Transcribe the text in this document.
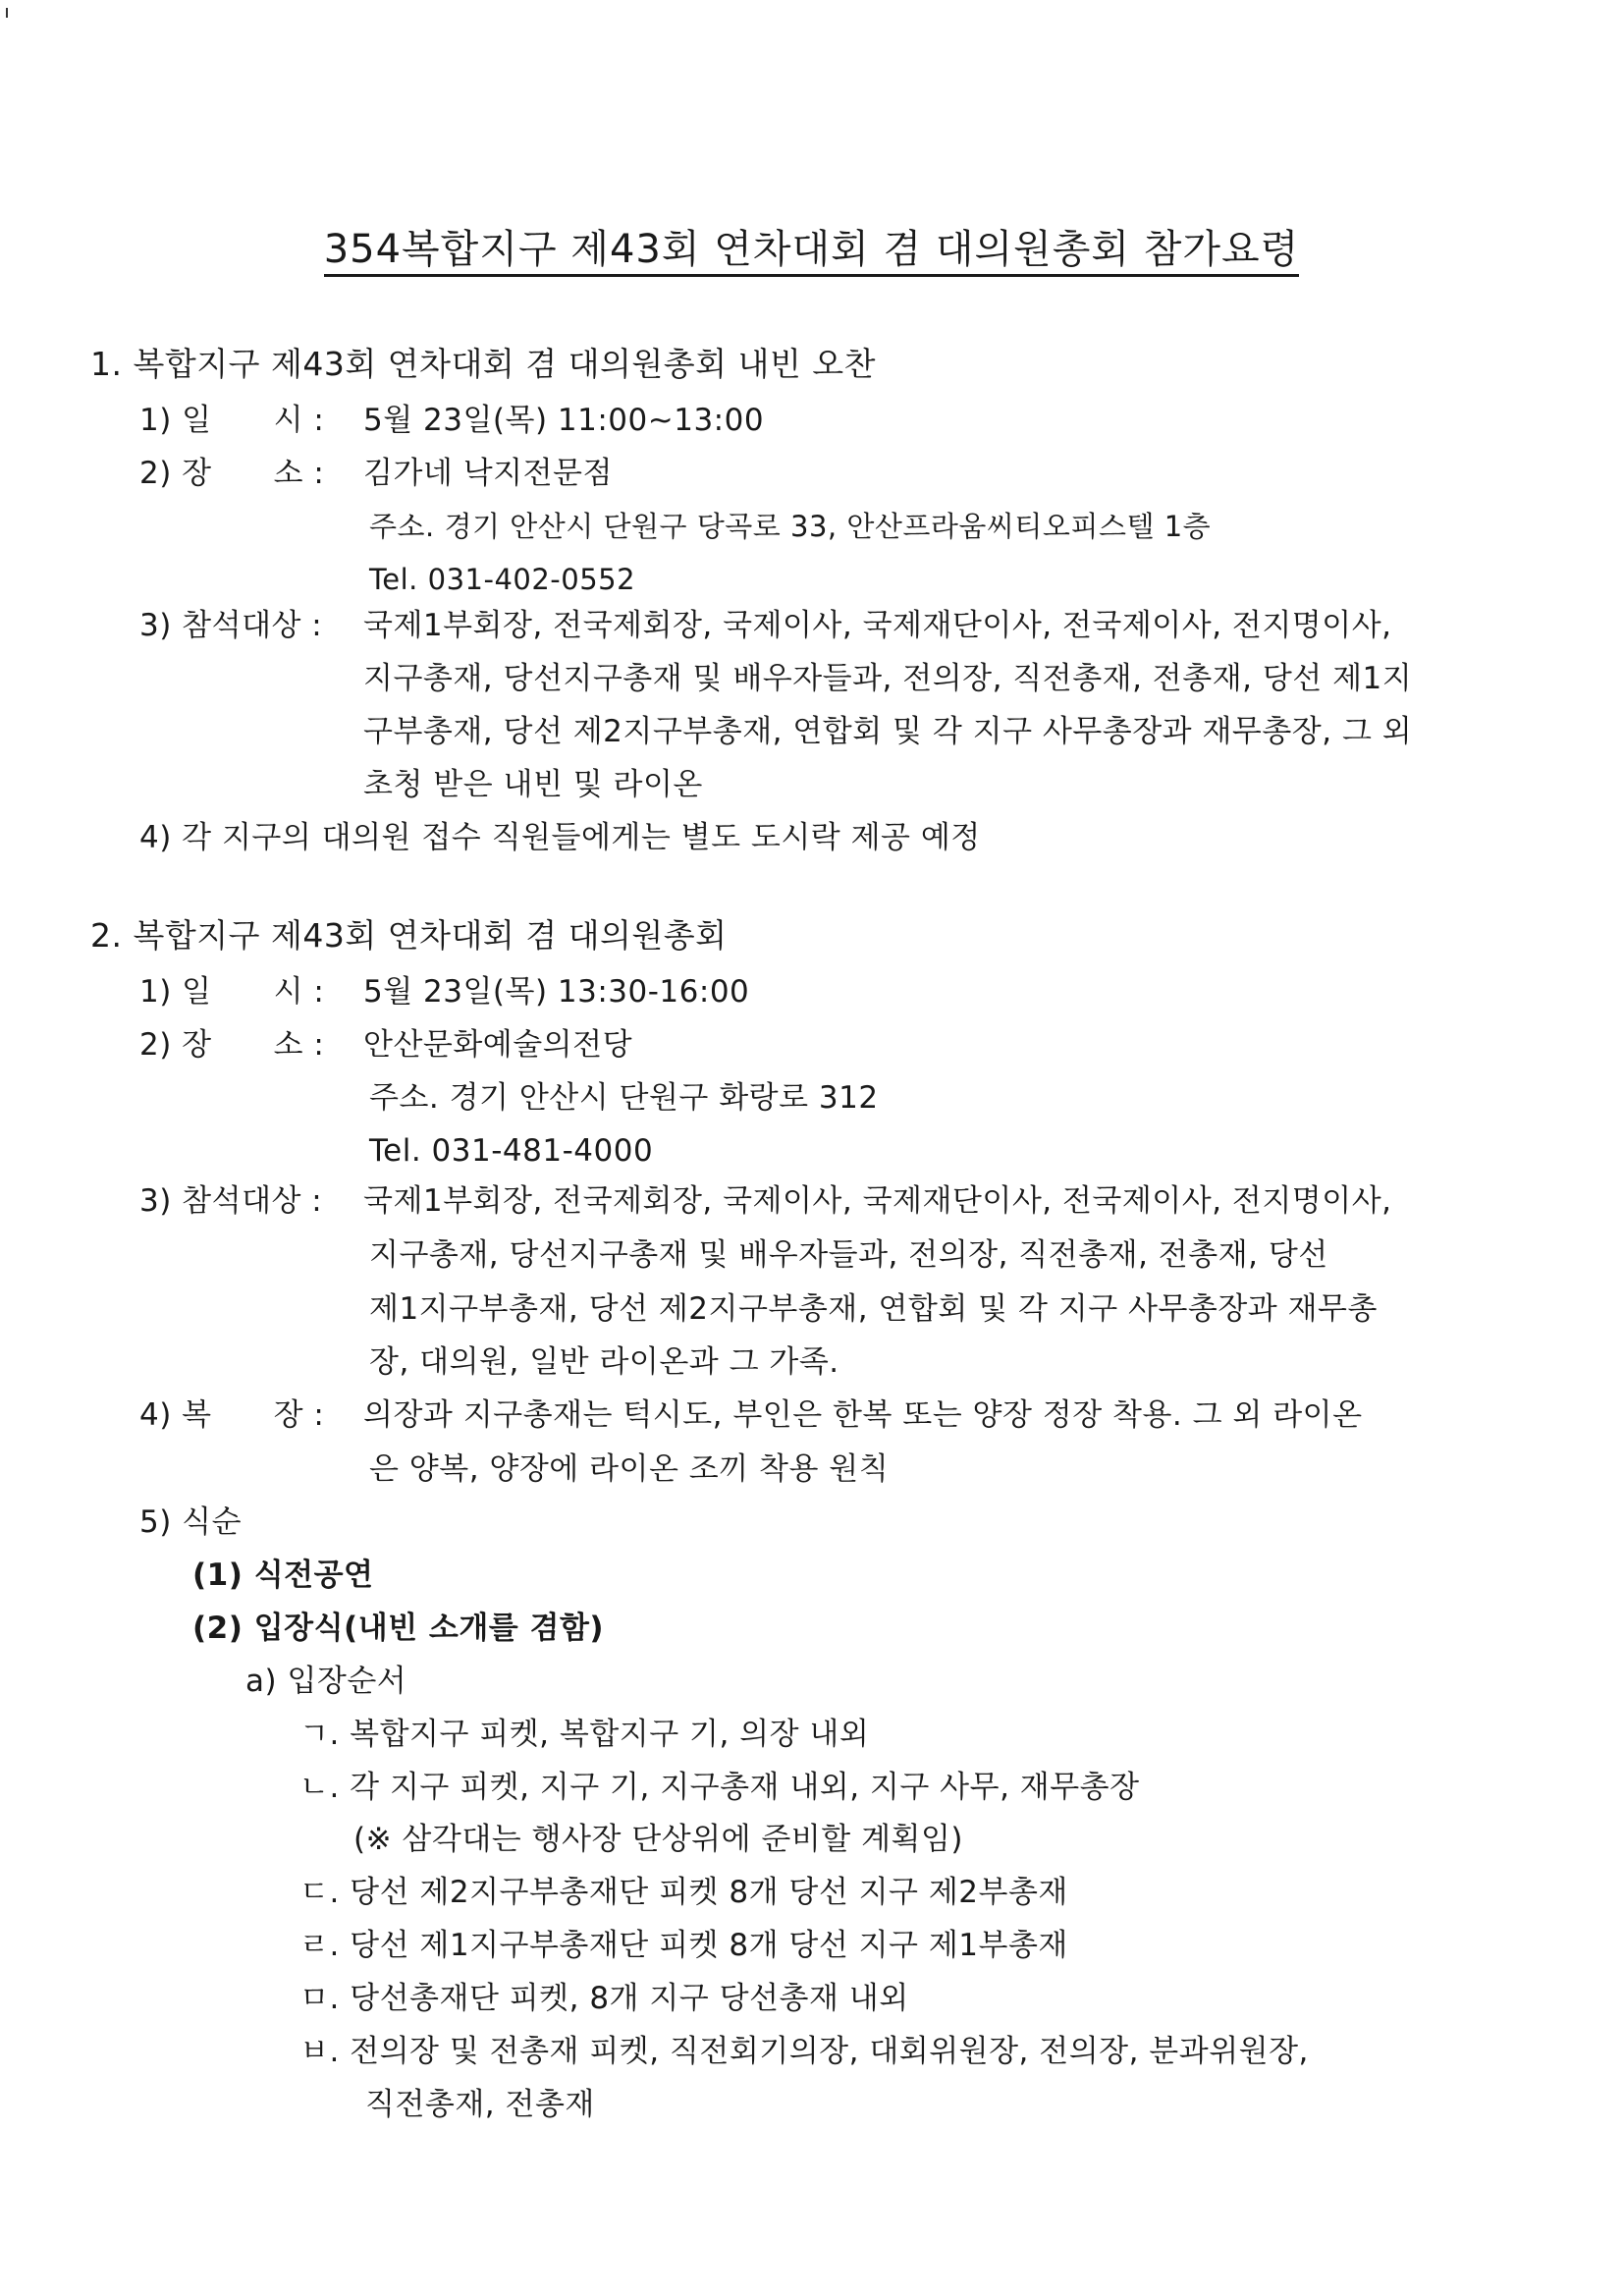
354복합지구 제43회 연차대회 겸 대의원총회 참가요령
1. 복합지구 제43회 연차대회 겸 대의원총회 내빈 오찬
1) 일　　시 : 5월 23일(목) 11:00~13:00
2) 장　　소 : 김가네 낙지전문점
주소. 경기 안산시 단원구 당곡로 33, 안산프라움씨티오피스텔 1층
Tel. 031-402-0552
3) 참석대상 : 국제1부회장, 전국제회장, 국제이사, 국제재단이사, 전국제이사, 전지명이사,
지구총재, 당선지구총재 및 배우자들과, 전의장, 직전총재, 전총재, 당선 제1지
구부총재, 당선 제2지구부총재, 연합회 및 각 지구 사무총장과 재무총장, 그 외
초청 받은 내빈 및 라이온
4) 각 지구의 대의원 접수 직원들에게는 별도 도시락 제공 예정
2. 복합지구 제43회 연차대회 겸 대의원총회
1) 일　　시 : 5월 23일(목) 13:30-16:00
2) 장　　소 : 안산문화예술의전당
주소. 경기 안산시 단원구 화랑로 312
Tel. 031-481-4000
3) 참석대상 : 국제1부회장, 전국제회장, 국제이사, 국제재단이사, 전국제이사, 전지명이사,
지구총재, 당선지구총재 및 배우자들과, 전의장, 직전총재, 전총재, 당선
제1지구부총재, 당선 제2지구부총재, 연합회 및 각 지구 사무총장과 재무총
장, 대의원, 일반 라이온과 그 가족.
4) 복　　장 : 의장과 지구총재는 턱시도, 부인은 한복 또는 양장 정장 착용. 그 외 라이온
은 양복, 양장에 라이온 조끼 착용 원칙
5) 식순
(1) 식전공연
(2) 입장식(내빈 소개를 겸함)
a) 입장순서
ㄱ. 복합지구 피켓, 복합지구 기, 의장 내외
ㄴ. 각 지구 피켓, 지구 기, 지구총재 내외, 지구 사무, 재무총장
(※ 삼각대는 행사장 단상위에 준비할 계획임)
ㄷ. 당선 제2지구부총재단 피켓 8개 당선 지구 제2부총재
ㄹ. 당선 제1지구부총재단 피켓 8개 당선 지구 제1부총재
ㅁ. 당선총재단 피켓, 8개 지구 당선총재 내외
ㅂ. 전의장 및 전총재 피켓, 직전회기의장, 대회위원장, 전의장, 분과위원장,
직전총재, 전총재
